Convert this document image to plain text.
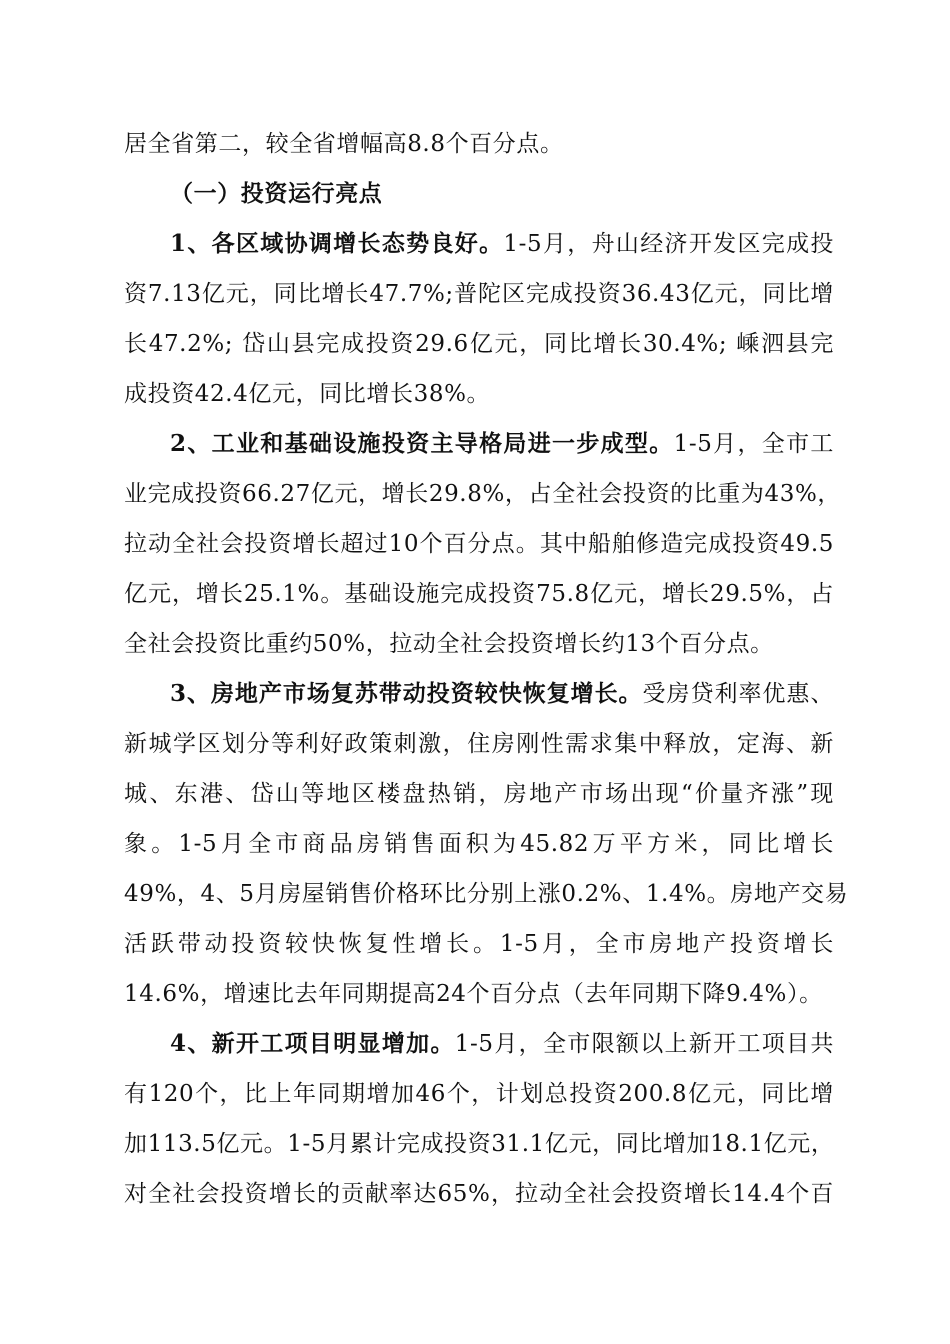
居全省第二，较全省增幅高8.8个百分点。
（一）投资运行亮点
1、各区域协调增长态势良好。1-5月，舟山经济开发区完成投
资7.13亿元，同比增长47.7%;普陀区完成投资36.43亿元，同比增
长47.2%; 岱山县完成投资29.6亿元，同比增长30.4%; 嵊泗县完
成投资42.4亿元，同比增长38%。
2、工业和基础设施投资主导格局进一步成型。1-5月，全市工
业完成投资66.27亿元，增长29.8%，占全社会投资的比重为43%，
拉动全社会投资增长超过10个百分点。其中船舶修造完成投资49.5
亿元，增长25.1%。基础设施完成投资75.8亿元，增长29.5%，占
全社会投资比重约50%，拉动全社会投资增长约13个百分点。
3、房地产市场复苏带动投资较快恢复增长。受房贷利率优惠、
新城学区划分等利好政策刺激，住房刚性需求集中释放，定海、新
城、东港、岱山等地区楼盘热销，房地产市场出现“价量齐涨”现
象。1-5月全市商品房销售面积为45.82万平方米，同比增长
49%，4、5月房屋销售价格环比分别上涨0.2%、1.4%。房地产交易
活跃带动投资较快恢复性增长。1-5月，全市房地产投资增长
14.6%，增速比去年同期提高24个百分点（去年同期下降9.4%）。
4、新开工项目明显增加。1-5月，全市限额以上新开工项目共
有120个，比上年同期增加46个，计划总投资200.8亿元，同比增
加113.5亿元。1-5月累计完成投资31.1亿元，同比增加18.1亿元，
对全社会投资增长的贡献率达65%，拉动全社会投资增长14.4个百
